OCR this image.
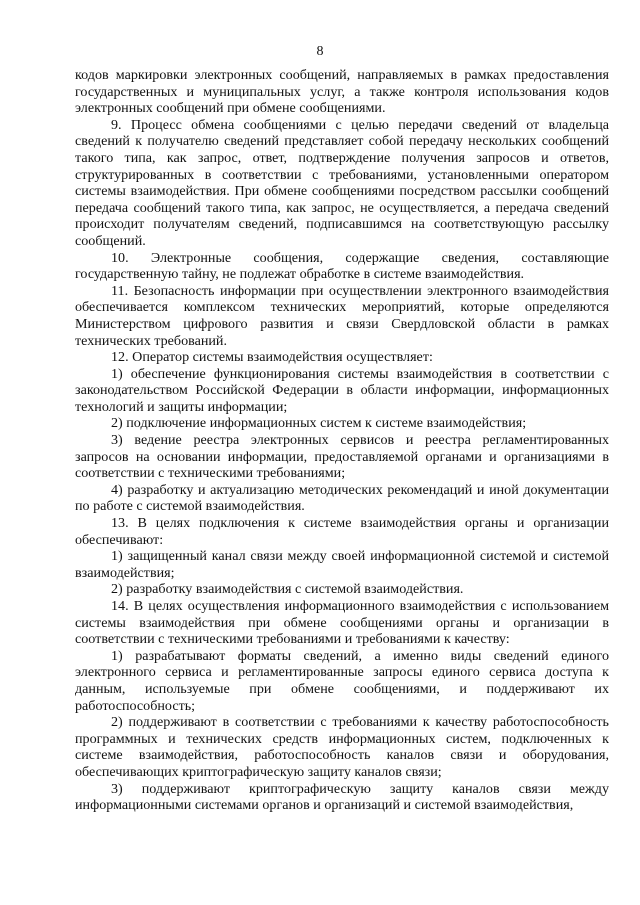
8

кодов маркировки электронных сообщений, направляемых в рамках предоставления государственных и муниципальных услуг, а также контроля использования кодов электронных сообщений при обмене сообщениями.

9. Процесс обмена сообщениями с целью передачи сведений от владельца сведений к получателю сведений представляет собой передачу нескольких сообщений такого типа, как запрос, ответ, подтверждение получения запросов и ответов, структурированных в соответствии с требованиями, установленными оператором системы взаимодействия. При обмене сообщениями посредством рассылки сообщений передача сообщений такого типа, как запрос, не осуществляется, а передача сведений происходит получателям сведений, подписавшимся на соответствующую рассылку сообщений.

10. Электронные сообщения, содержащие сведения, составляющие государственную тайну, не подлежат обработке в системе взаимодействия.

11. Безопасность информации при осуществлении электронного взаимодействия обеспечивается комплексом технических мероприятий, которые определяются Министерством цифрового развития и связи Свердловской области в рамках технических требований.

12. Оператор системы взаимодействия осуществляет:

1) обеспечение функционирования системы взаимодействия в соответствии с законодательством Российской Федерации в области информации, информационных технологий и защиты информации;

2) подключение информационных систем к системе взаимодействия;

3) ведение реестра электронных сервисов и реестра регламентированных запросов на основании информации, предоставляемой органами и организациями в соответствии с техническими требованиями;

4) разработку и актуализацию методических рекомендаций и иной документации по работе с системой взаимодействия.

13. В целях подключения к системе взаимодействия органы и организации обеспечивают:

1) защищенный канал связи между своей информационной системой и системой взаимодействия;

2) разработку взаимодействия с системой взаимодействия.

14. В целях осуществления информационного взаимодействия с использованием системы взаимодействия при обмене сообщениями органы и организации в соответствии с техническими требованиями и требованиями к качеству:

1) разрабатывают форматы сведений, а именно виды сведений единого электронного сервиса и регламентированные запросы единого сервиса доступа к данным, используемые при обмене сообщениями, и поддерживают их работоспособность;

2) поддерживают в соответствии с требованиями к качеству работоспособность программных и технических средств информационных систем, подключенных к системе взаимодействия, работоспособность каналов связи и оборудования, обеспечивающих криптографическую защиту каналов связи;

3) поддерживают криптографическую защиту каналов связи между информационными системами органов и организаций и системой взаимодействия,
